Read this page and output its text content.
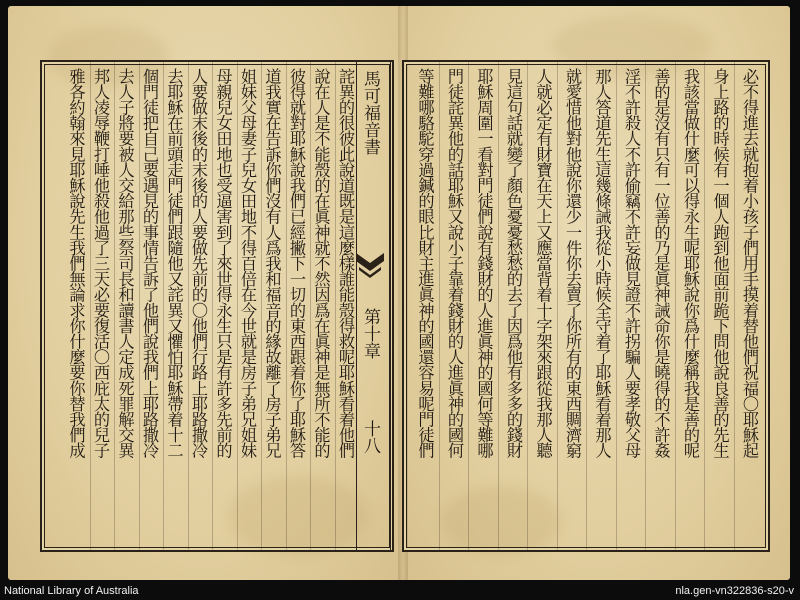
詫異的很彼此說道既是這麼樣誰能殼得救呢耶穌看着他們
說在人是不能殼的在眞神就不然因爲在眞神是無所不能的
彼得就對耶穌說我們已經撇下一切的東西跟着你了耶穌答
道我實在告訴你們沒有人爲我和福音的緣故離了房子弟兄
姐妹父母妻子兒女田地不得百倍在今世就是房子弟兄姐妹
母親兒女田地也受逼害到了來世得永生只是有許多先前的
人要做末後的末後的人要做先前的〇他們行路上耶路撒冷
去耶穌在前頭走門徒們跟隨他又詫異又懼怕耶穌帶着十二
個門徒把自己要遇見的事情告訴了他們說我們上耶路撒冷
去人子將要被人交給那些祭司長和讀書人定成死罪解交異
邦人凌辱鞭打唾他殺他過了三天必要復活〇西庇太的兒子
雅各約翰來見耶穌說先生我們無論求你什麼要你替我們成	必不得進去就抱着小孩子們用手摸着替他們祝福〇耶穌起
身上路的時候有一個人跑到他面前跪下問他說良善的先生
我該當做什麼可以得永生呢耶穌說你爲什麼稱我是善的呢
善的是沒有只有一位善的乃是眞神誡命你是曉得的不許姦
淫不許殺人不許偷竊不許妄做見證不許拐騙人要孝敬父母
那人答道先生這幾條誡我從小時候全守着了耶穌看着那人
就愛惜他對他說你還少一件你去賣了你所有的東西賙濟窮
人就必定有財寶在天上又應當背着十字架來跟從我那人聽
見這句話就變了顏色憂憂愁愁的去了因爲他有多多的錢財
耶穌周圍一看對門徒們說有錢財的人進眞神的國何等難哪
門徒詫異他的話耶穌又說小子靠着錢財的人進眞神的國何
等難哪駱駝穿過鍼的眼比財主進眞神的國還容易呢門徒們
馬可福音書
第十章
十八
National Library of Australia	nla.gen-vn322836-s20-v
